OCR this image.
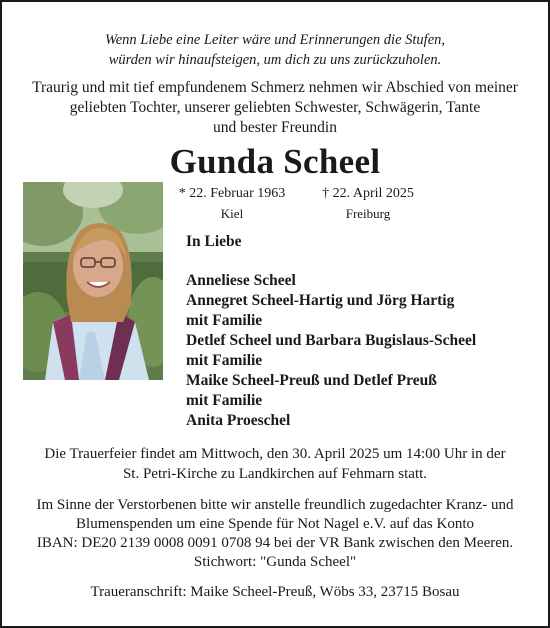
Wenn Liebe eine Leiter wäre und Erinnerungen die Stufen,
würden wir hinaufsteigen, um dich zu uns zurückzuholen.
Traurig und mit tief empfundenem Schmerz nehmen wir Abschied von meiner
geliebten Tochter, unserer geliebten Schwester, Schwägerin, Tante
und bester Freundin
Gunda Scheel
* 22. Februar 1963
Kiel
† 22. April 2025
Freiburg
In Liebe
Anneliese Scheel
Annegret Scheel-Hartig und Jörg Hartig
mit Familie
Detlef Scheel und Barbara Bugislaus-Scheel
mit Familie
Maike Scheel-Preuß und Detlef Preuß
mit Familie
Anita Proeschel
Die Trauerfeier findet am Mittwoch, den 30. April 2025 um 14:00 Uhr in der
St. Petri-Kirche zu Landkirchen auf Fehmarn statt.
Im Sinne der Verstorbenen bitte wir anstelle freundlich zugedachter Kranz- und
Blumenspenden um eine Spende für Not Nagel e.V. auf das Konto
IBAN: DE20 2139 0008 0091 0708 94 bei der VR Bank zwischen den Meeren.
Stichwort: "Gunda Scheel"
Traueranschrift: Maike Scheel-Preuß, Wöbs 33, 23715 Bosau
